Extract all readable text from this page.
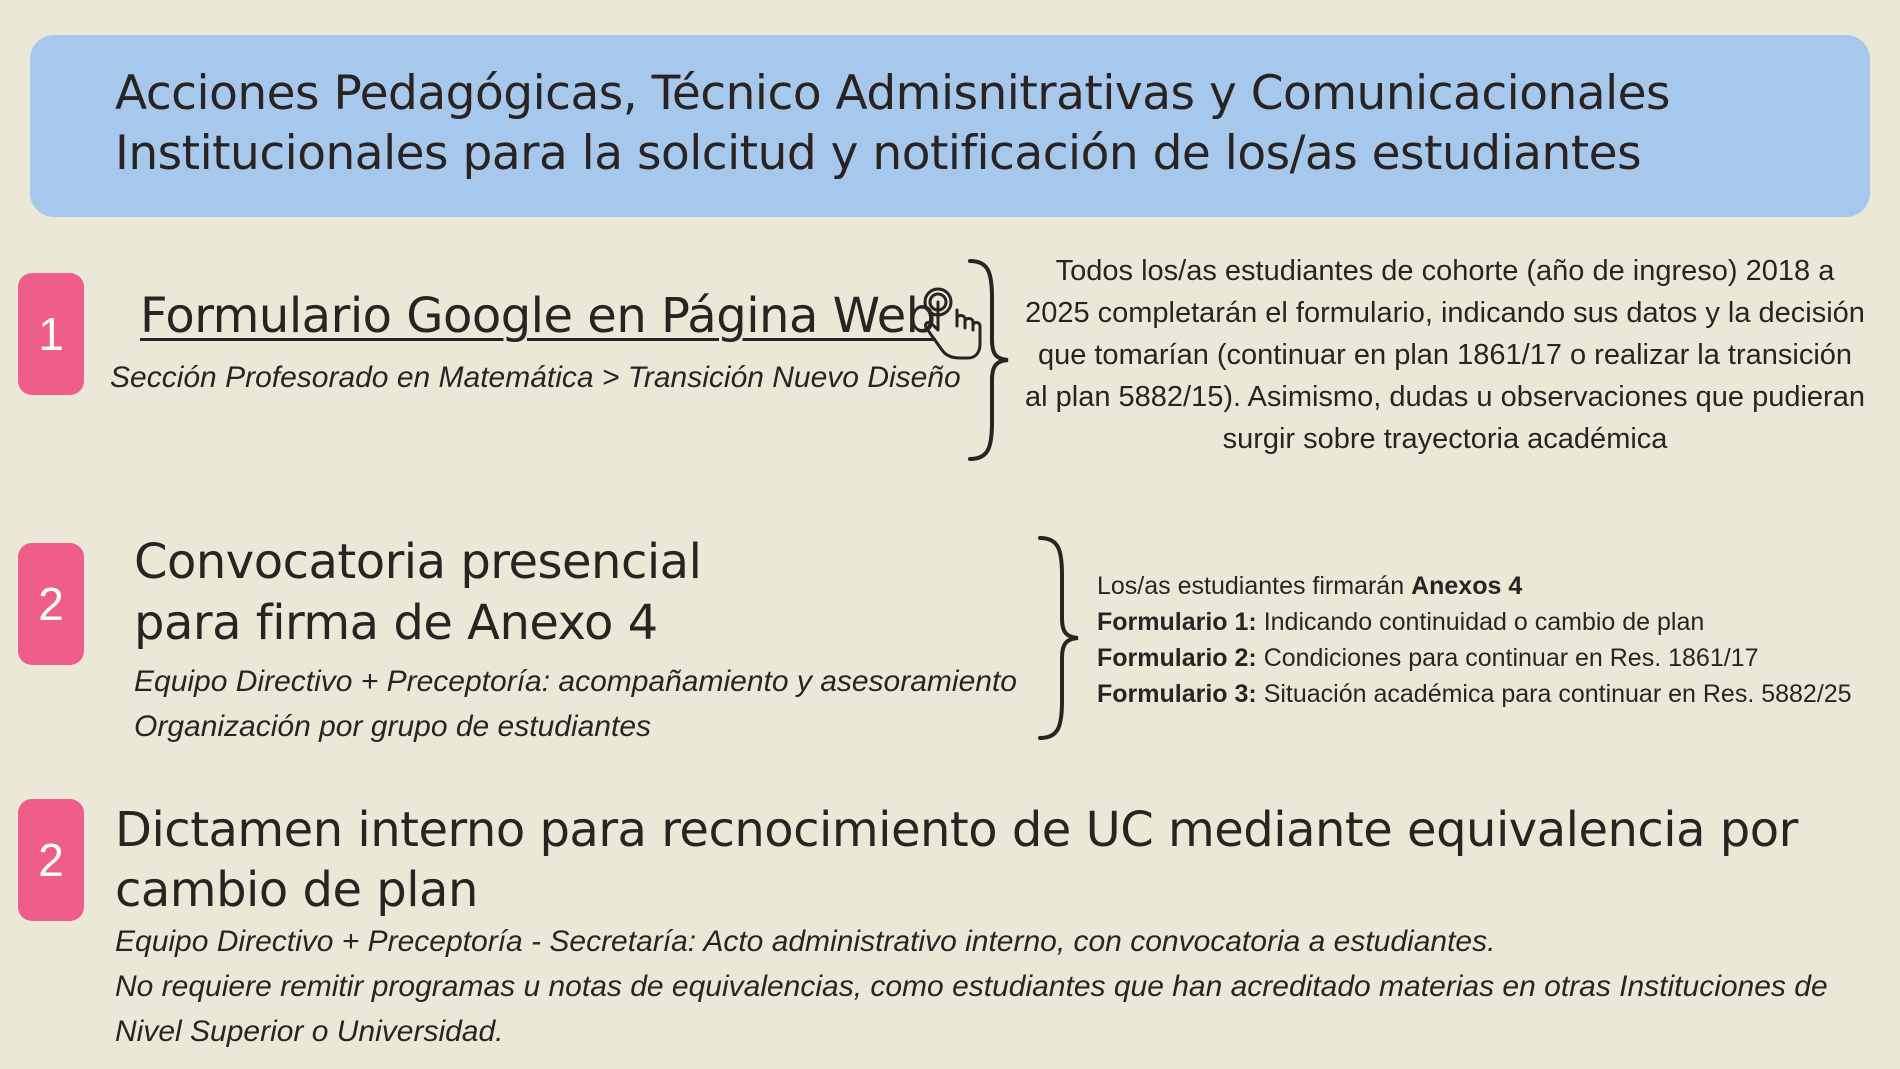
Acciones Pedagógicas, Técnico Admisnitrativas y Comunicacionales
Institucionales para la solcitud y notificación de los/as estudiantes
1	Formulario Google en Página Web
Sección Profesorado en Matemática > Transición Nuevo Diseño
Todos los/as estudiantes de cohorte (año de ingreso) 2018 a 2025 completarán el formulario, indicando sus datos y la decisión que tomarían (continuar en plan 1861/17 o realizar la transición al plan 5882/15). Asimismo, dudas u observaciones que pudieran surgir sobre trayectoria académica
2
Convocatoria presencial
para firma de Anexo 4
Equipo Directivo + Preceptoría: acompañamiento y asesoramiento
Organización por grupo de estudiantes
Los/as estudiantes firmarán Anexos 4
Formulario 1: Indicando continuidad o cambio de plan
Formulario 2: Condiciones para continuar en Res. 1861/17
Formulario 3: Situación académica para continuar en Res. 5882/25
2
Dictamen interno para recnocimiento de UC mediante equivalencia por
cambio de plan
Equipo Directivo + Preceptoría - Secretaría: Acto administrativo interno, con convocatoria a estudiantes.
No requiere remitir programas u notas de equivalencias, como estudiantes que han acreditado materias en otras Instituciones de
Nivel Superior o Universidad.
